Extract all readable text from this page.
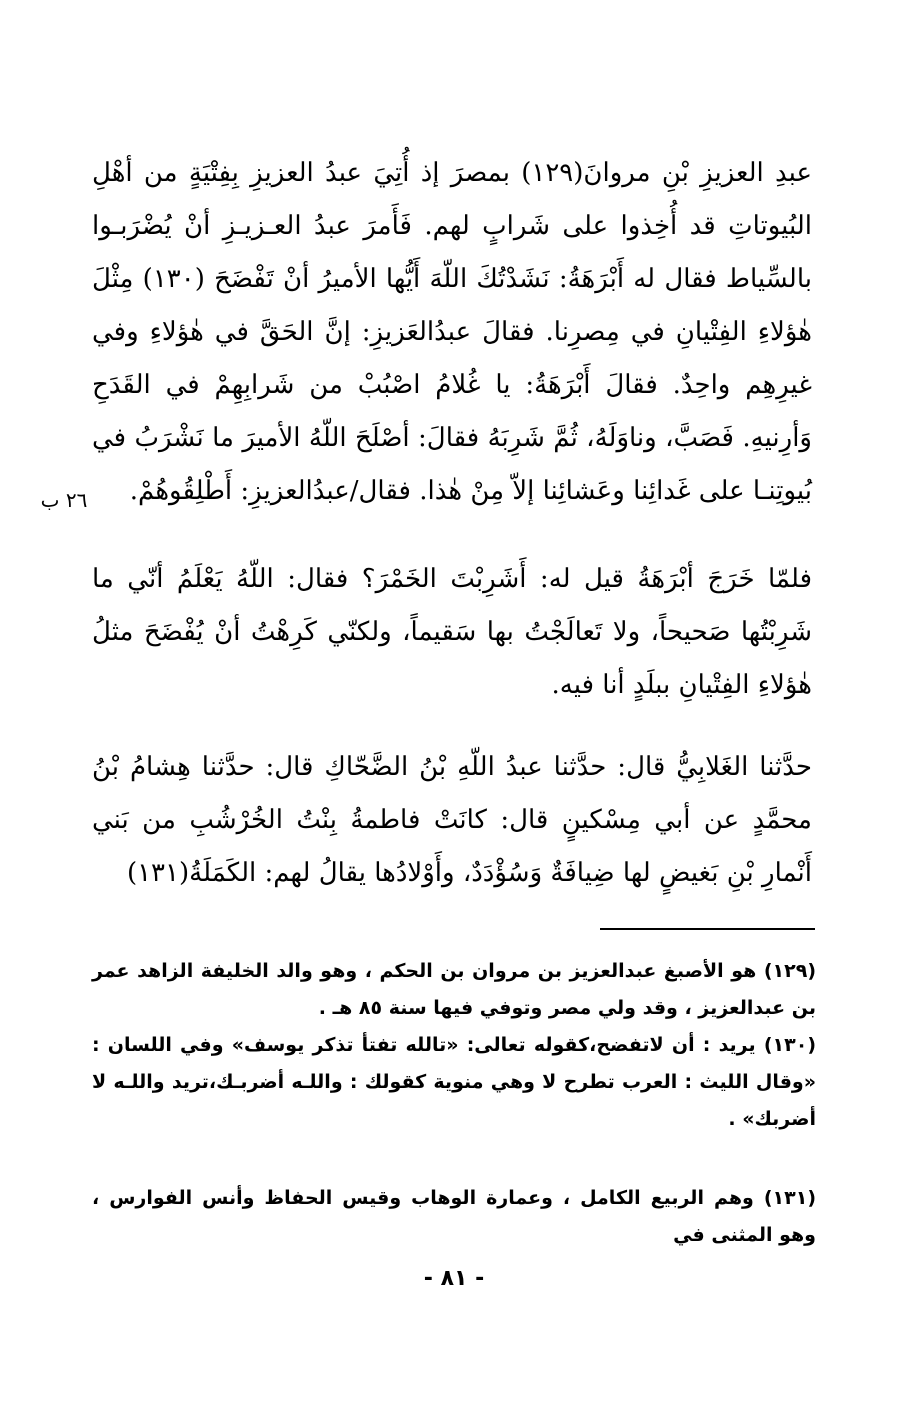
عبدِ العزيزِ بْنِ مروانَ(١٢٩) بمصرَ إذ أُتِيَ عبدُ العزيزِ بِفِتْيَةٍ من أهْلِ البُيوتاتِ قد أُخِذوا على شَرابٍ لهم. فَأَمرَ عبدُ العـزيـزِ أنْ يُضْرَبـوا بالسِّياط فقال له أَبْرَهَةُ: نَشَدْتُكَ اللّهَ أَيُّها الأميرُ أنْ تَفْضَحَ (١٣٠) مِثْلَ هٰؤلاءِ الفِتْيانِ في مِصرِنا. فقالَ عبدُالعَزيزِ: إنَّ الحَقَّ في هٰؤلاءِ وفي غيرِهِم واحِدٌ. فقالَ أَبْرَهَةُ: يا غُلامُ اصْبُبْ من شَرابِهِمْ في القَدَحِ وَأرِنيهِ. فَصَبَّ، وناوَلَهُ، ثُمَّ شَرِبَهُ فقالَ: أصْلَحَ اللّهُ الأميرَ ما نَشْرَبُ في بُيوتِنـا على غَدائِنا وعَشائِنا إلاّ مِنْ هٰذا. فقال/عبدُالعزيزِ: أَطْلِقُوهُمْ.

٢٦ ب

فلمّا خَرَجَ أبْرَهَةُ قيل له: أَشَرِبْتَ الخَمْرَ؟ فقال: اللّهُ يَعْلَمُ أنّي ما شَرِبْتُها صَحيحاً، ولا تَعالَجْتُ بها سَقيماً، ولكنّي كَرِهْتُ أنْ يُفْضَحَ مثلُ هٰؤلاءِ الفِتْيانِ ببلَدٍ أنا فيه.

حدَّثنا الغَلابِيُّ قال: حدَّثنا عبدُ اللّهِ بْنُ الضَّحّاكِ قال: حدَّثنا هِشامُ بْنُ محمَّدٍ عن أبي مِسْكينٍ قال: كانَتْ فاطمةُ بِنْتُ الخُرْشُبِ من بَني أَنْمارِ بْنِ بَغيضٍ لها ضِيافَةٌ وَسُؤْدَدٌ، وأَوْلادُها يقالُ لهم: الكَمَلَةُ(١٣١)

(١٢٩) هو الأصبغ عبدالعزيز بن مروان بن الحكم ، وهو والد الخليفة الزاهد عمر بن عبدالعزيز ، وقد ولي مصر وتوفي فيها سنة ٨٥ هـ .

(١٣٠) يريد : أن لاتفضح،كقوله تعالى: «تالله تفتأ تذكر يوسف» وفي اللسان : «وقال الليث : العرب تطرح لا وهي منوية كقولك : واللـه أضربـك،تريد واللـه لا أضربك» .

(١٣١) وهم الربيع الكامل ، وعمارة الوهاب وقيس الحفاظ وأنس الفوارس ، وهو المثنى في

- ٨١ -
